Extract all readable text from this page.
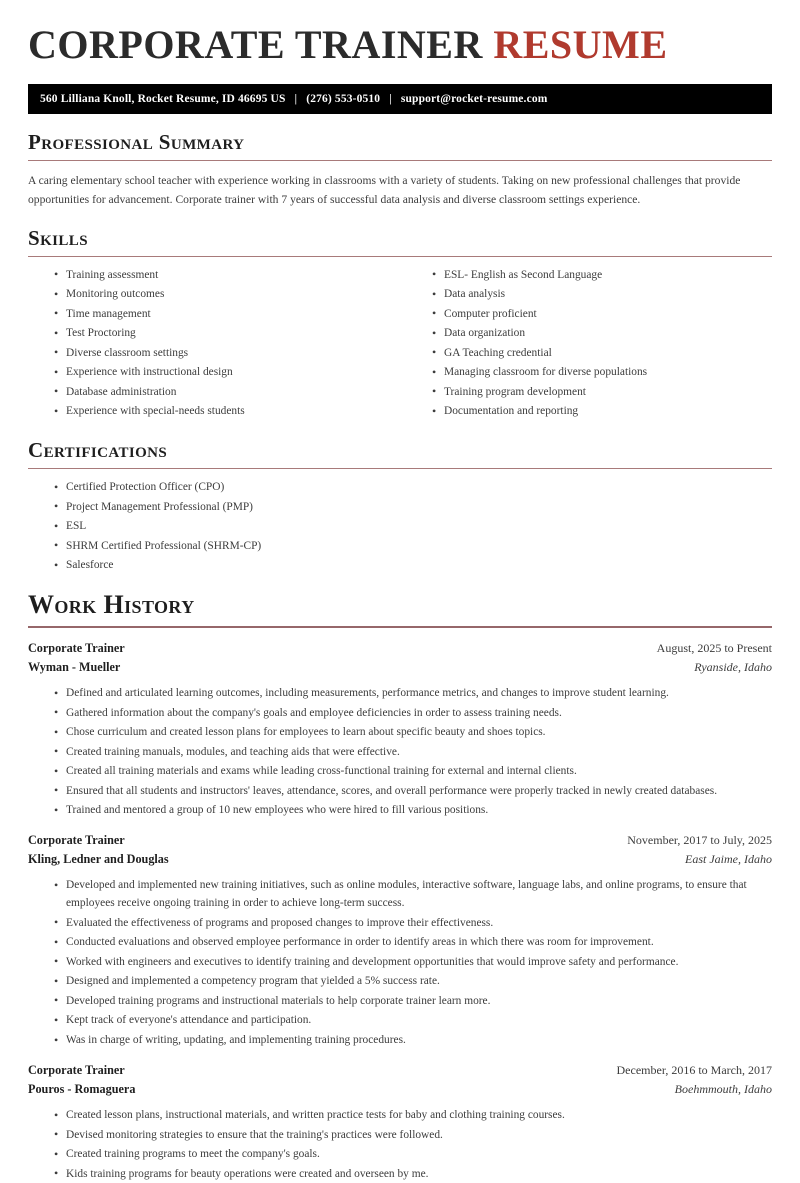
CORPORATE TRAINER RESUME
560 Lilliana Knoll, Rocket Resume, ID 46695 US | (276) 553-0510 | support@rocket-resume.com
Professional Summary

A caring elementary school teacher with experience working in classrooms with a variety of students. Taking on new professional challenges that provide opportunities for advancement. Corporate trainer with 7 years of successful data analysis and diverse classroom settings experience.

Skills
• Training assessment
• Monitoring outcomes
• Time management
• Test Proctoring
• Diverse classroom settings
• Experience with instructional design
• Database administration
• Experience with special-needs students
• ESL- English as Second Language
• Data analysis
• Computer proficient
• Data organization
• GA Teaching credential
• Managing classroom for diverse populations
• Training program development
• Documentation and reporting
Certifications
• Certified Protection Officer (CPO)
• Project Management Professional (PMP)
• ESL
• SHRM Certified Professional (SHRM-CP)
• Salesforce
Work History
Corporate Trainer	August, 2025 to Present
Wyman - Mueller	Ryanside, Idaho
• Defined and articulated learning outcomes, including measurements, performance metrics, and changes to improve student learning.
• Gathered information about the company's goals and employee deficiencies in order to assess training needs.
• Chose curriculum and created lesson plans for employees to learn about specific beauty and shoes topics.
• Created training manuals, modules, and teaching aids that were effective.
• Created all training materials and exams while leading cross-functional training for external and internal clients.
• Ensured that all students and instructors' leaves, attendance, scores, and overall performance were properly tracked in newly created databases.
• Trained and mentored a group of 10 new employees who were hired to fill various positions.
Corporate Trainer	November, 2017 to July, 2025
Kling, Ledner and Douglas	East Jaime, Idaho
• Developed and implemented new training initiatives, such as online modules, interactive software, language labs, and online programs, to ensure that employees receive ongoing training in order to achieve long-term success.
• Evaluated the effectiveness of programs and proposed changes to improve their effectiveness.
• Conducted evaluations and observed employee performance in order to identify areas in which there was room for improvement.
• Worked with engineers and executives to identify training and development opportunities that would improve safety and performance.
• Designed and implemented a competency program that yielded a 5% success rate.
• Developed training programs and instructional materials to help corporate trainer learn more.
• Kept track of everyone's attendance and participation.
• Was in charge of writing, updating, and implementing training procedures.
Corporate Trainer	December, 2016 to March, 2017
Pouros - Romaguera	Boehmmouth, Idaho
• Created lesson plans, instructional materials, and written practice tests for baby and clothing training courses.
• Devised monitoring strategies to ensure that the training's practices were followed.
• Created training programs to meet the company's goals.
• Kids training programs for beauty operations were created and overseen by me.
